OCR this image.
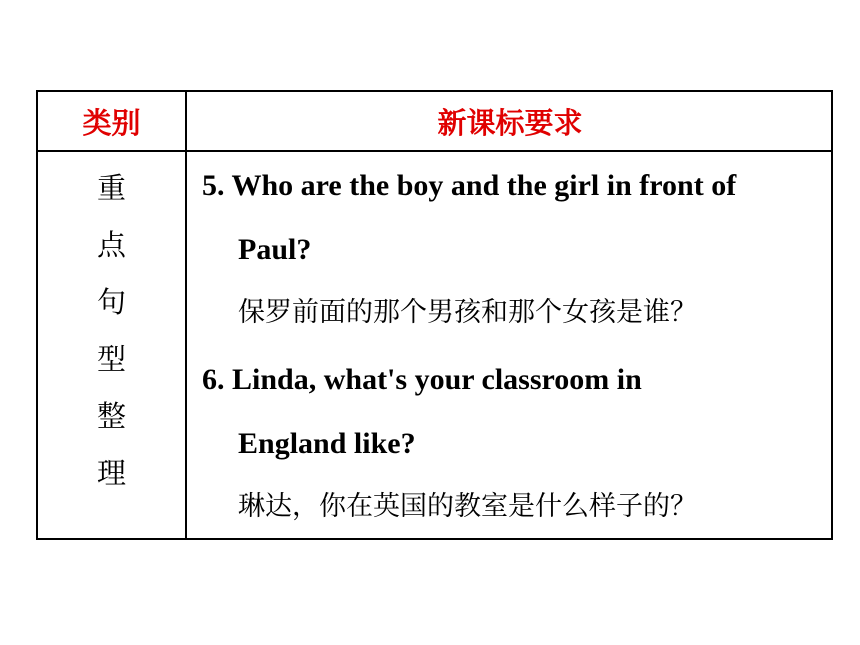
类别	新课标要求
重
点
句
型
整
理
5. Who are the boy and the girl in front of
Paul?
保罗前面的那个男孩和那个女孩是谁？
6. Linda, what's your classroom in
England like?
琳达，你在英国的教室是什么样子的？
